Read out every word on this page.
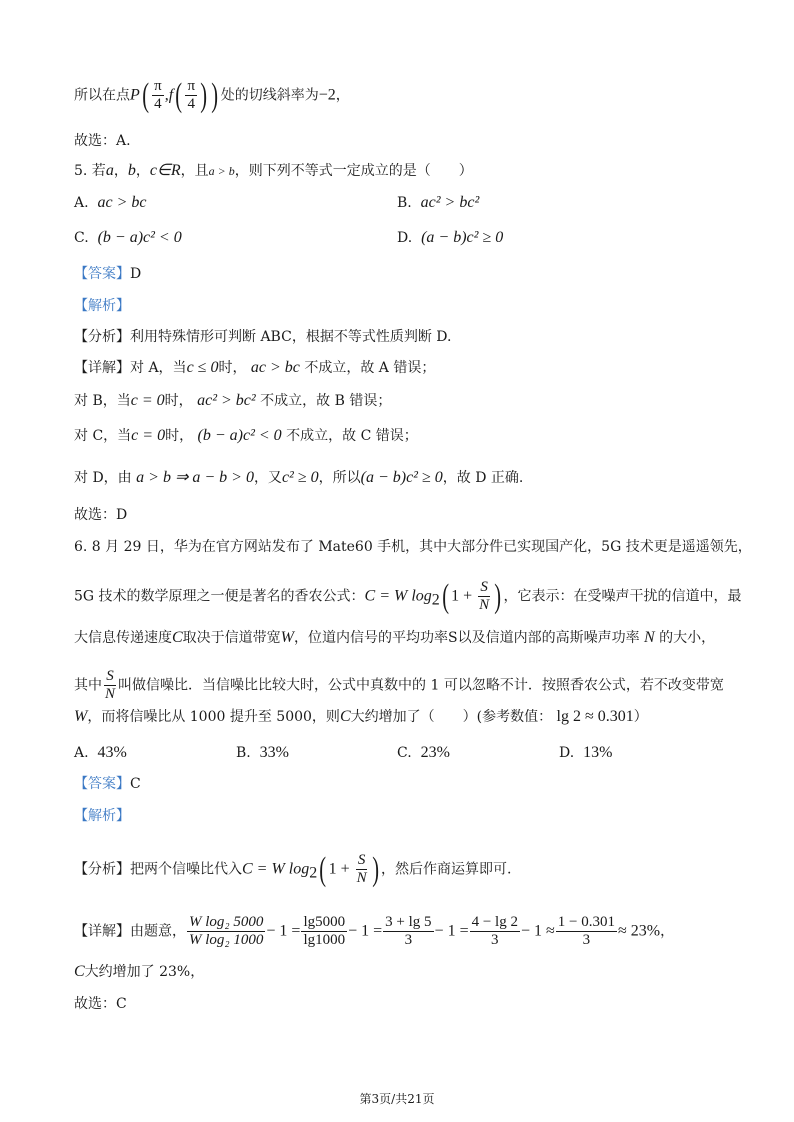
所以在点$P( \frac{\pi}{4} ,f( \frac{\pi}{4}$ ) ) 处的切线斜率为−2，
故选：A.
5. 若a，b，c∈R，且a > b，则下列不等式一定成立的是（　　）
A. ac > bc	B. ac² > bc²
C. (b − a)c² < 0	D. (a − b)c² ≥ 0
【答案】D
【解析】
【分析】利用特殊情形可判断 ABC，根据不等式性质判断 D.
【详解】对 A，当c ≤ 0时， ac > bc 不成立，故 A 错误；
对 B，当c = 0时， ac² > bc² 不成立，故 B 错误；
对 C，当c = 0时， (b − a)c² < 0 不成立，故 C 错误；
对 D，由 a > b ⇒ a − b > 0，又c² ≥ 0，所以(a − b)c² ≥ 0，故 D 正确.
故选：D
6. 8 月 29 日，华为在官方网站发布了 Mate60 手机，其中大部分件已实现国产化，5G 技术更是遥遥领先，
5G 技术的数学原理之一便是著名的香农公式：C = W $\log_2$( $1 + \frac{S}{N}$ ) ，它表示：在受噪声干扰的信道中，最
大信息传递速度C取决于信道带宽W，位道内信号的平均功率S以及信道内部的高斯噪声功率 N 的大小，
其中 $\frac{S}{N}$ 叫做信噪比．当信噪比比较大时，公式中真数中的 1 可以忽略不计．按照香农公式，若不改变带宽
W，而将信噪比从 1000 提升至 5000，则C大约增加了（　　）(参考数值： lg 2 ≈ 0.301）
A. 43%	B. 33%	C. 23%	D. 13%
【答案】C
【解析】
【分析】把两个信噪比代入C = W $\log_2$( $1 + \frac{S}{N}$ ) ，然后作商运算即可.
【详解】由题意， $\frac{\text{W log₂ 5000}}{\text{W log₂ 1000}} - 1 = \frac{\lg 5000}{\lg 1000} - 1 = \frac{3 + \lg 5}{3} - 1 = \frac{4 - \lg 2}{3} - 1 \approx \frac{1 - 0.301}{3} \approx 23\%$，
C大约增加了 23%，
故选：C
第3页/共21页
